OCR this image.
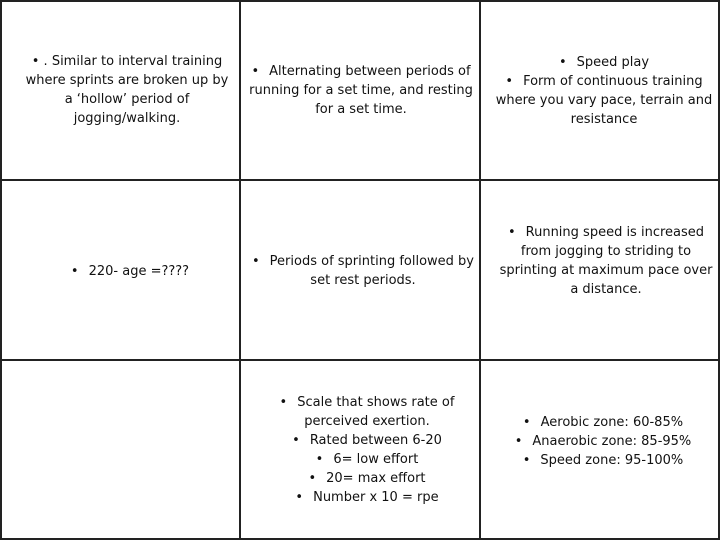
• . Similar to interval training where sprints are broken up by a ‘hollow’ period of jogging/walking.
• Alternating between periods of running for a set time, and resting for a set time.
• Speed play
• Form of continuous training where you vary pace, terrain and resistance
• 220- age =????
• Periods of sprinting followed by set rest periods.
• Running speed is increased from jogging to striding to sprinting at maximum pace over a distance.
• Scale that shows rate of perceived exertion.
• Rated between 6-20
• 6= low effort
• 20= max effort
• Number x 10 = rpe
• Aerobic zone: 60-85%
• Anaerobic zone: 85-95%
• Speed zone: 95-100%
